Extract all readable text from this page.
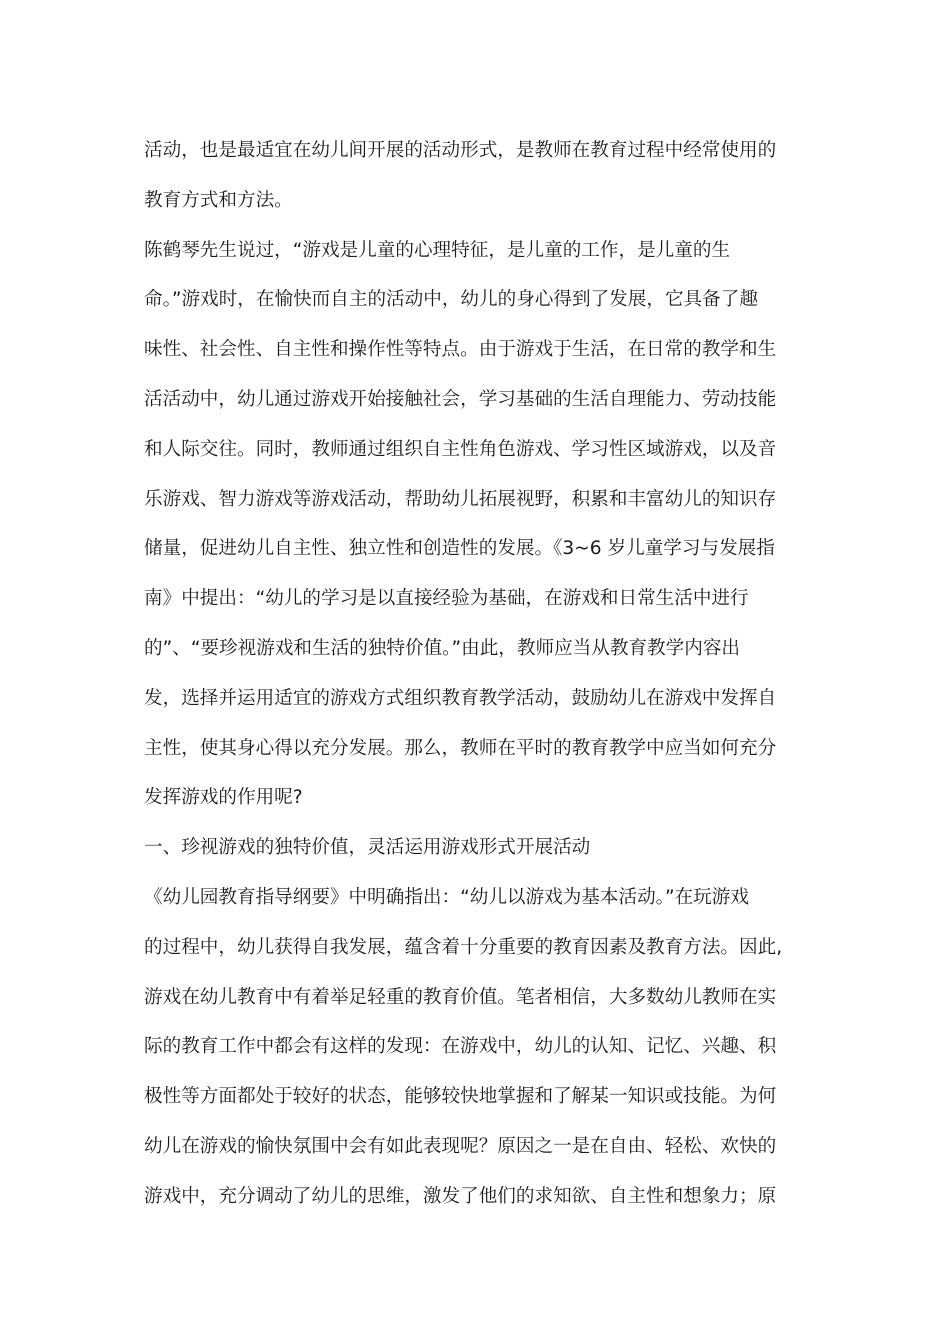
活动，也是最适宜在幼儿间开展的活动形式，是教师在教育过程中经常使用的
教育方式和方法。
陈鹤琴先生说过，“游戏是儿童的心理特征，是儿童的工作，是儿童的生
命。”游戏时，在愉快而自主的活动中，幼儿的身心得到了发展，它具备了趣
味性、社会性、自主性和操作性等特点。由于游戏于生活，在日常的教学和生
活活动中，幼儿通过游戏开始接触社会，学习基础的生活自理能力、劳动技能
和人际交往。同时，教师通过组织自主性角色游戏、学习性区域游戏，以及音
乐游戏、智力游戏等游戏活动，帮助幼儿拓展视野，积累和丰富幼儿的知识存
储量，促进幼儿自主性、独立性和创造性的发展。《3~6 岁儿童学习与发展指
南》中提出：“幼儿的学习是以直接经验为基础，在游戏和日常生活中进行
的”、“要珍视游戏和生活的独特价值。”由此，教师应当从教育教学内容出
发，选择并运用适宜的游戏方式组织教育教学活动，鼓励幼儿在游戏中发挥自
主性，使其身心得以充分发展。那么，教师在平时的教育教学中应当如何充分
发挥游戏的作用呢?
一、珍视游戏的独特价值，灵活运用游戏形式开展活动
《幼儿园教育指导纲要》中明确指出：“幼儿以游戏为基本活动。”在玩游戏
的过程中，幼儿获得自我发展，蕴含着十分重要的教育因素及教育方法。因此,
游戏在幼儿教育中有着举足轻重的教育价值。笔者相信，大多数幼儿教师在实
际的教育工作中都会有这样的发现：在游戏中，幼儿的认知、记忆、兴趣、积
极性等方面都处于较好的状态，能够较快地掌握和了解某一知识或技能。为何
幼儿在游戏的愉快氛围中会有如此表现呢？原因之一是在自由、轻松、欢快的
游戏中，充分调动了幼儿的思维，激发了他们的求知欲、自主性和想象力；原
